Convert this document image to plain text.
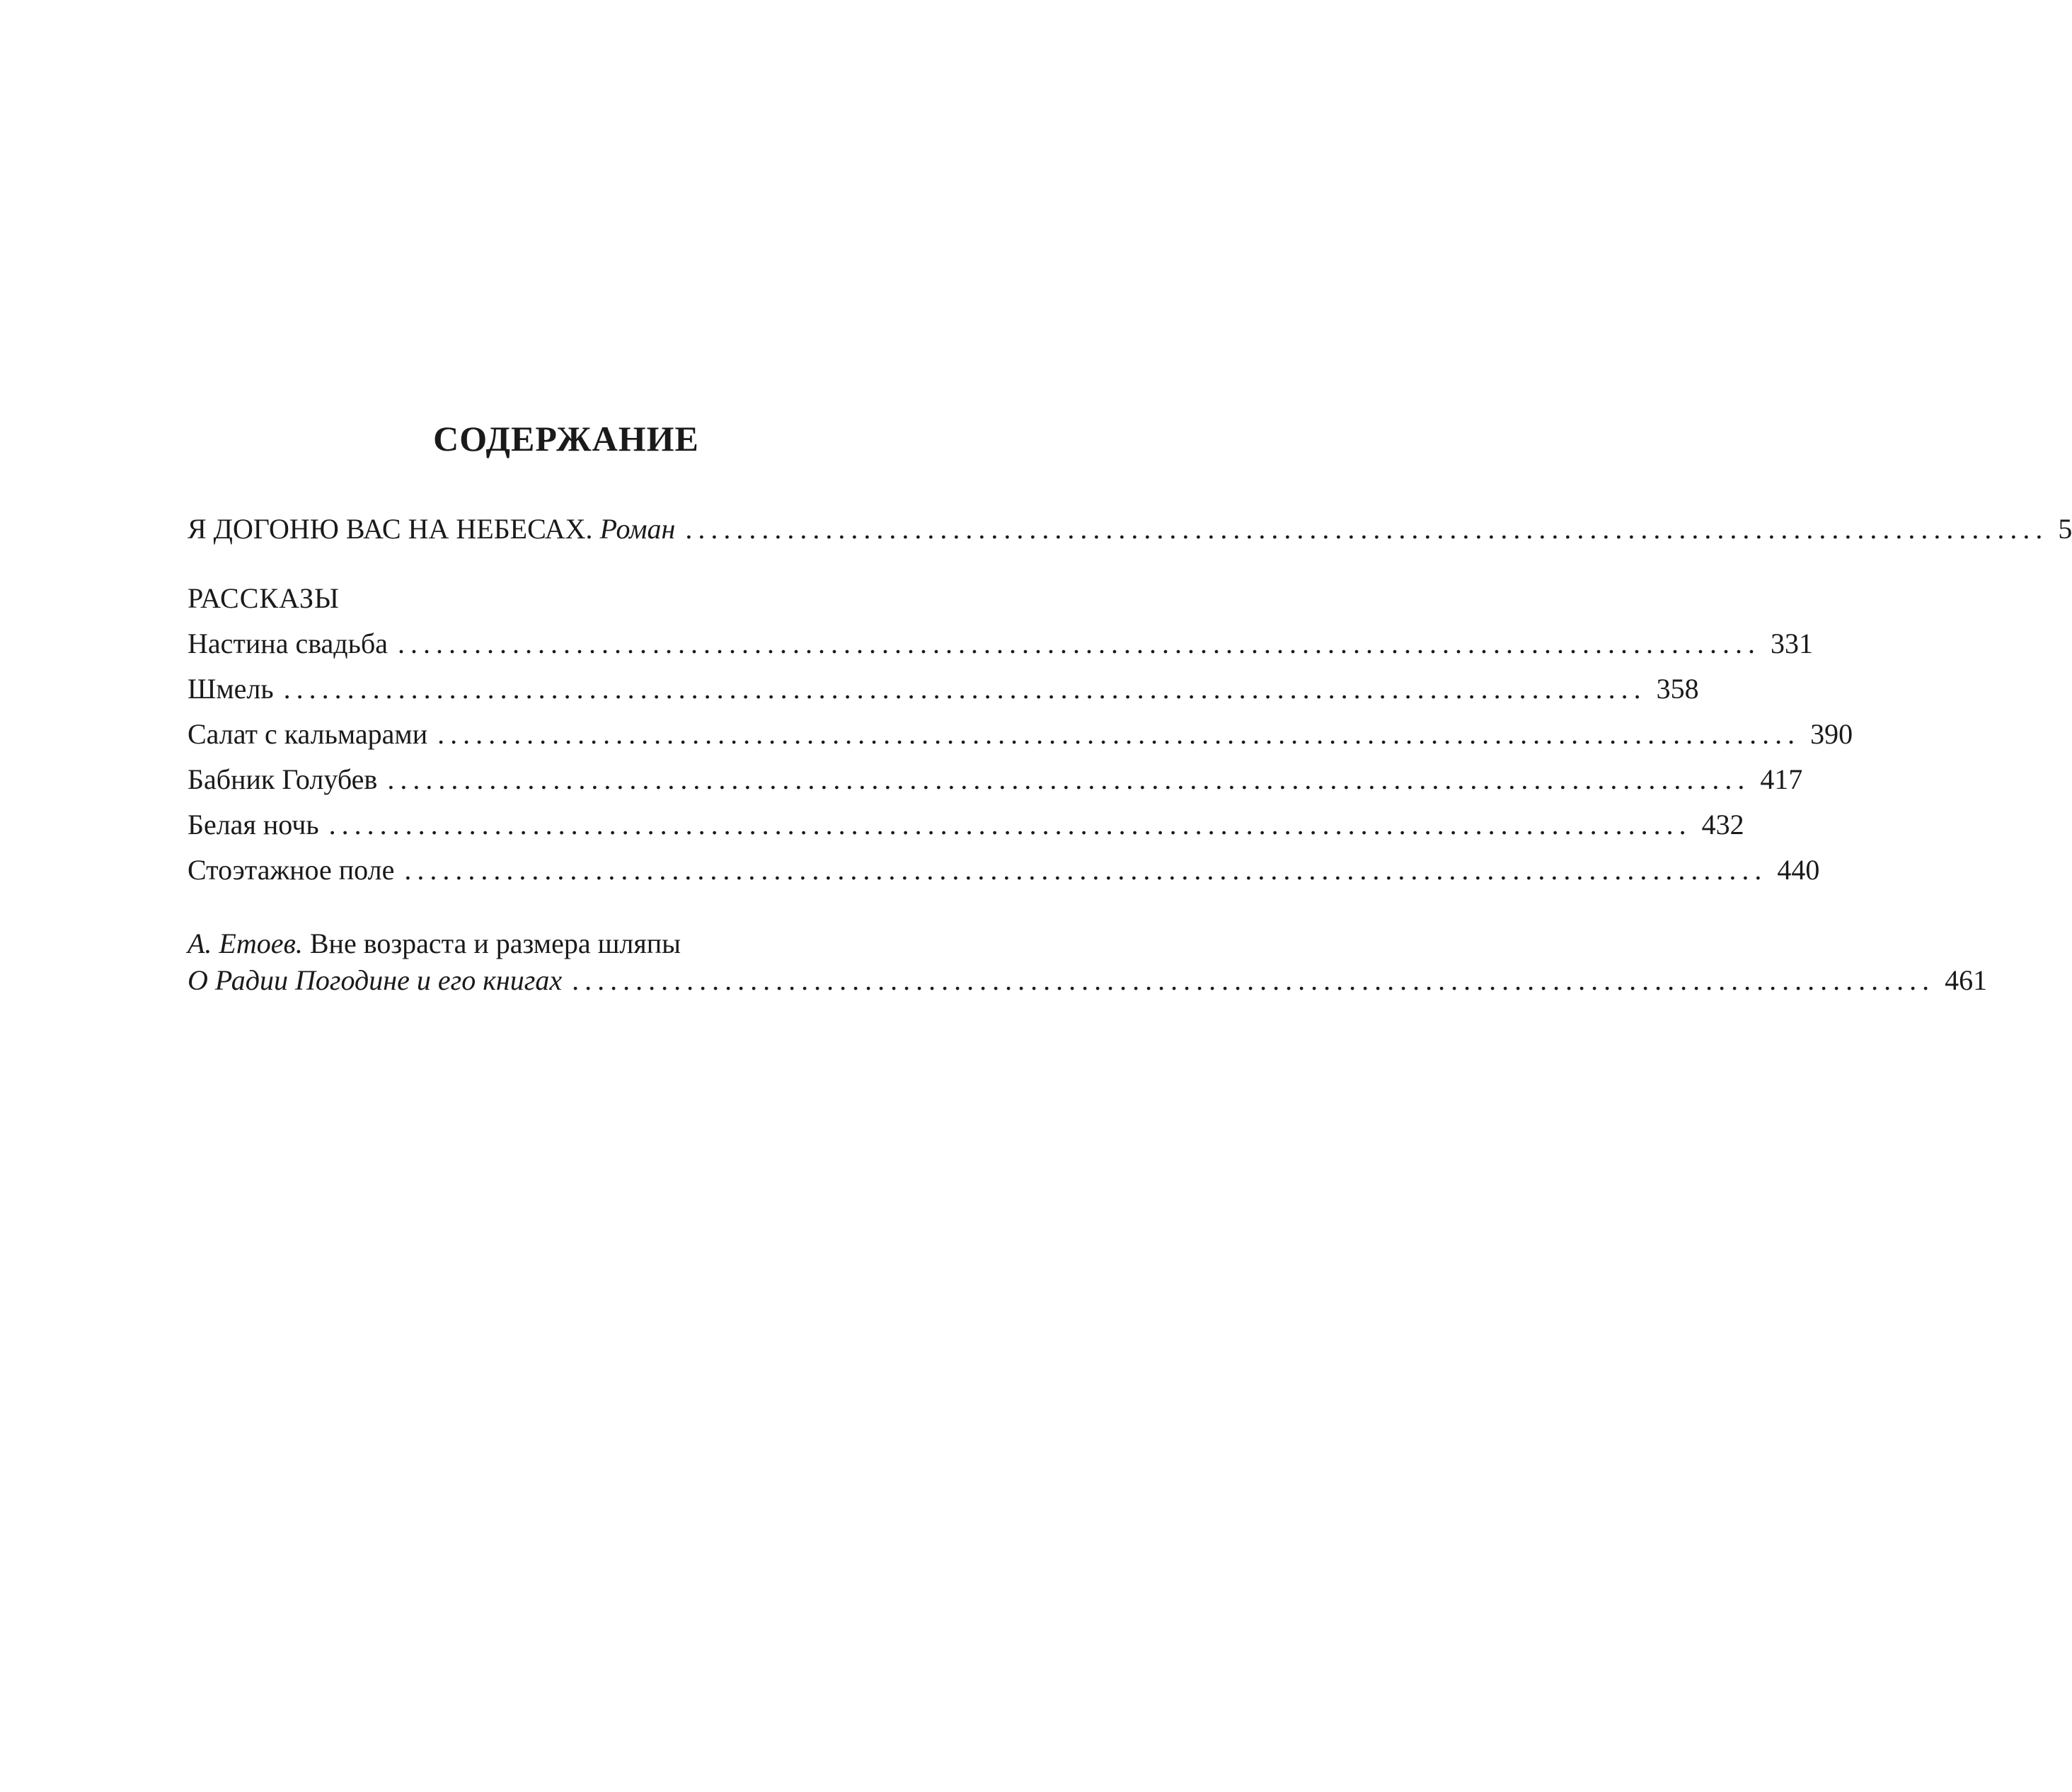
СОДЕРЖАНИЕ
Я ДОГОНЮ ВАС НА НЕБЕСАХ. Роман ........................................................................................................... 5
РАССКАЗЫ
Настина свадьба ........................................................................................................... 331
Шмель ........................................................................................................... 358
Салат с кальмарами ........................................................................................................... 390
Бабник Голубев ........................................................................................................... 417
Белая ночь ........................................................................................................... 432
Стоэтажное поле ........................................................................................................... 440
А. Етоев. Вне возраста и размера шляпы
О Радии Погодине и его книгах ........................................................................................................... 461
